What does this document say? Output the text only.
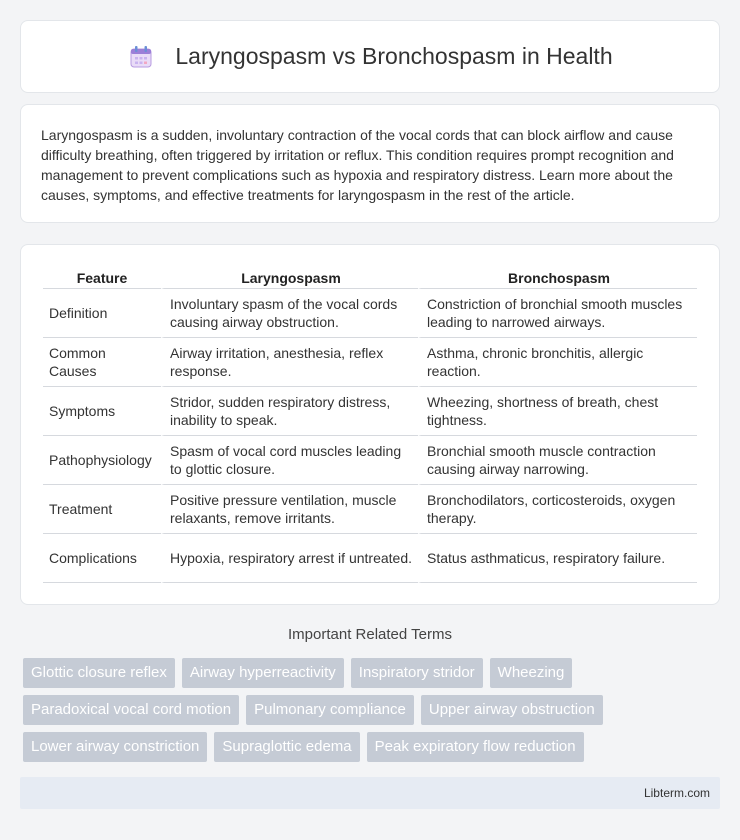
Laryngospasm vs Bronchospasm in Health

Laryngospasm is a sudden, involuntary contraction of the vocal cords that can block airflow and cause difficulty breathing, often triggered by irritation or reflux. This condition requires prompt recognition and management to prevent complications such as hypoxia and respiratory distress. Learn more about the causes, symptoms, and effective treatments for laryngospasm in the rest of the article.

Feature	Laryngospasm	Bronchospasm
Definition	Involuntary spasm of the vocal cords causing airway obstruction.	Constriction of bronchial smooth muscles leading to narrowed airways.
Common Causes	Airway irritation, anesthesia, reflex response.	Asthma, chronic bronchitis, allergic reaction.
Symptoms	Stridor, sudden respiratory distress, inability to speak.	Wheezing, shortness of breath, chest tightness.
Pathophysiology	Spasm of vocal cord muscles leading to glottic closure.	Bronchial smooth muscle contraction causing airway narrowing.
Treatment	Positive pressure ventilation, muscle relaxants, remove irritants.	Bronchodilators, corticosteroids, oxygen therapy.
Complications	Hypoxia, respiratory arrest if untreated.	Status asthmaticus, respiratory failure.
Important Related Terms
Glottic closure reflex	Airway hyperreactivity	Inspiratory stridor	Wheezing
Paradoxical vocal cord motion	Pulmonary compliance	Upper airway obstruction
Lower airway constriction	Supraglottic edema	Peak expiratory flow reduction
Libterm.com
